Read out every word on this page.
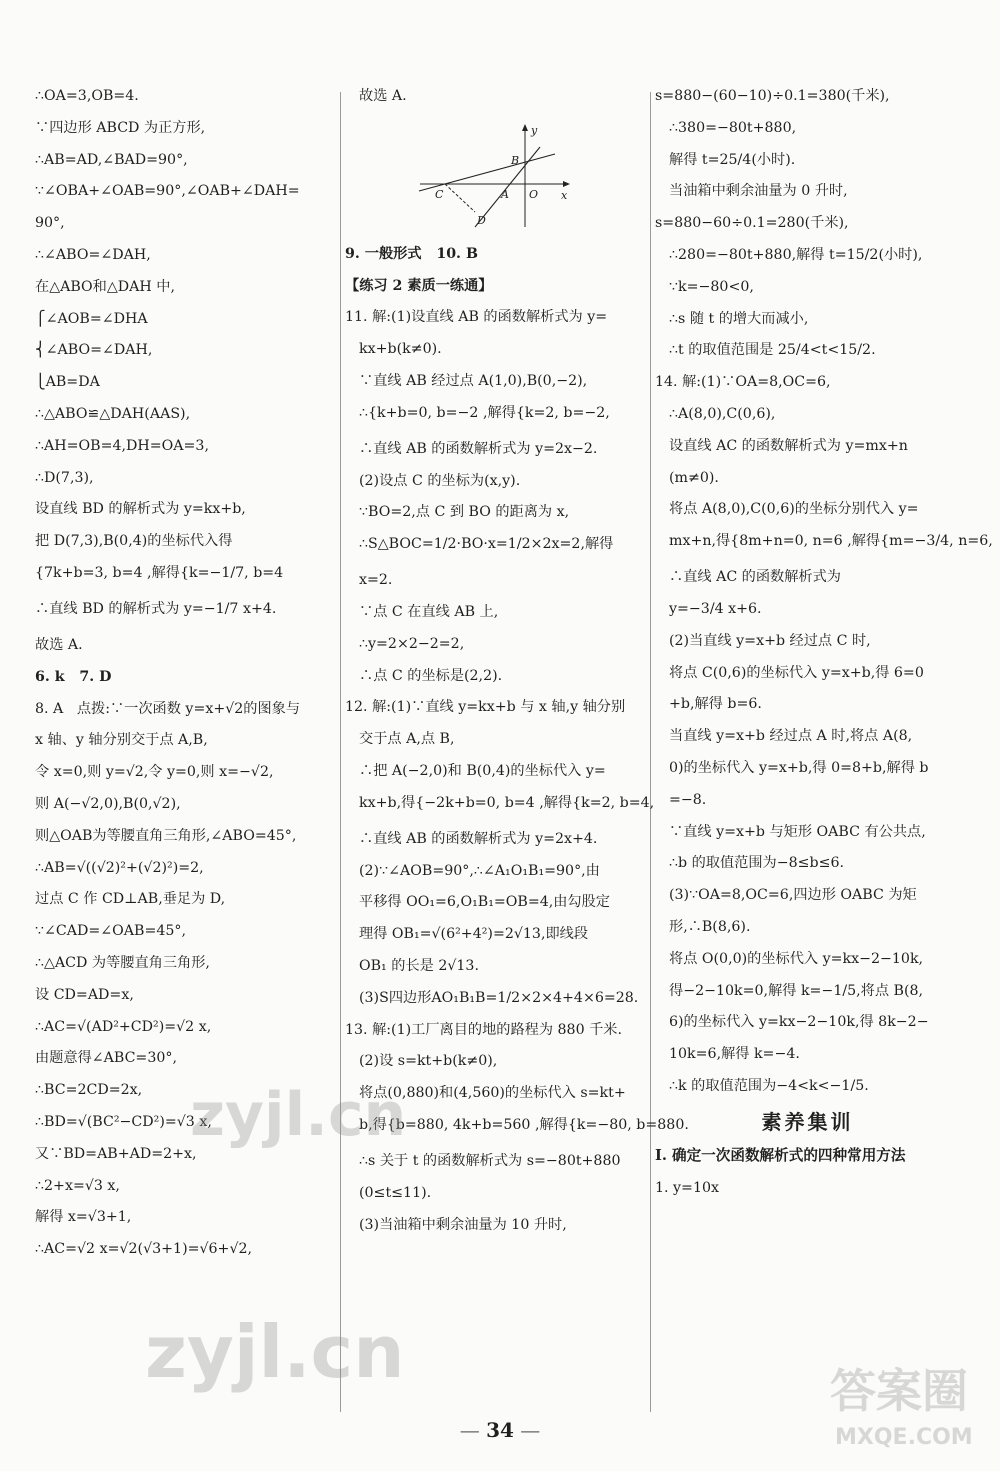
∴OA=3,OB=4.
∵四边形 ABCD 为正方形,
∴AB=AD,∠BAD=90°,
∵∠OBA+∠OAB=90°,∠OAB+∠DAH=
90°,
∴∠ABO=∠DAH,
在△ABO和△DAH 中,
⎧∠AOB=∠DHA
⎨∠ABO=∠DAH,
⎩AB=DA
∴△ABO≌△DAH(AAS),
∴AH=OB=4,DH=OA=3,
∴D(7,3),
设直线 BD 的解析式为 y=kx+b,
把 D(7,3),B(0,4)的坐标代入得
{7k+b=3, b=4 ,解得{k=−1/7, b=4
∴直线 BD 的解析式为 y=−1/7 x+4.
故选 A.
6. k   7. D
8. A   点拨:∵一次函数 y=x+√2的图象与
x 轴、y 轴分别交于点 A,B,
令 x=0,则 y=√2,令 y=0,则 x=−√2,
则 A(−√2,0),B(0,√2),
则△OAB为等腰直角三角形,∠ABO=45°,
∴AB=√((√2)²+(√2)²)=2,
过点 C 作 CD⊥AB,垂足为 D,
∵∠CAD=∠OAB=45°,
∴△ACD 为等腰直角三角形,
设 CD=AD=x,
∴AC=√(AD²+CD²)=√2 x,
由题意得∠ABC=30°,
∴BC=2CD=2x,
∴BD=√(BC²−CD²)=√3 x,
又∵BD=AB+AD=2+x,
∴2+x=√3 x,
解得 x=√3+1,
∴AC=√2 x=√2(√3+1)=√6+√2,
故选 A.
y
x
O
A
B
C
D
9. 一般形式   10. B
【练习 2 素质一练通】
11. 解:(1)设直线 AB 的函数解析式为 y=
kx+b(k≠0).
∵直线 AB 经过点 A(1,0),B(0,−2),
∴{k+b=0, b=−2 ,解得{k=2, b=−2,
∴直线 AB 的函数解析式为 y=2x−2.
(2)设点 C 的坐标为(x,y).
∵BO=2,点 C 到 BO 的距离为 x,
∴S△BOC=1/2·BO·x=1/2×2x=2,解得
x=2.
∵点 C 在直线 AB 上,
∴y=2×2−2=2,
∴点 C 的坐标是(2,2).
12. 解:(1)∵直线 y=kx+b 与 x 轴,y 轴分别
交于点 A,点 B,
∴把 A(−2,0)和 B(0,4)的坐标代入 y=
kx+b,得{−2k+b=0, b=4 ,解得{k=2, b=4,
∴直线 AB 的函数解析式为 y=2x+4.
(2)∵∠AOB=90°,∴∠A₁O₁B₁=90°,由
平移得 OO₁=6,O₁B₁=OB=4,由勾股定
理得 OB₁=√(6²+4²)=2√13,即线段
OB₁ 的长是 2√13.
(3)S四边形AO₁B₁B=1/2×2×4+4×6=28.
13. 解:(1)工厂离目的地的路程为 880 千米.
(2)设 s=kt+b(k≠0),
将点(0,880)和(4,560)的坐标代入 s=kt+
b,得{b=880, 4k+b=560 ,解得{k=−80, b=880.
∴s 关于 t 的函数解析式为 s=−80t+880
(0≤t≤11).
(3)当油箱中剩余油量为 10 升时,
s=880−(60−10)÷0.1=380(千米),
∴380=−80t+880,
解得 t=25/4(小时).
当油箱中剩余油量为 0 升时,
s=880−60÷0.1=280(千米),
∴280=−80t+880,解得 t=15/2(小时),
∵k=−80<0,
∴s 随 t 的增大而减小,
∴t 的取值范围是 25/4<t<15/2.
14. 解:(1)∵OA=8,OC=6,
∴A(8,0),C(0,6),
设直线 AC 的函数解析式为 y=mx+n
(m≠0).
将点 A(8,0),C(0,6)的坐标分别代入 y=
mx+n,得{8m+n=0, n=6 ,解得{m=−3/4, n=6,
∴直线 AC 的函数解析式为
y=−3/4 x+6.
(2)当直线 y=x+b 经过点 C 时,
将点 C(0,6)的坐标代入 y=x+b,得 6=0
+b,解得 b=6.
当直线 y=x+b 经过点 A 时,将点 A(8,
0)的坐标代入 y=x+b,得 0=8+b,解得 b
=−8.
∵直线 y=x+b 与矩形 OABC 有公共点,
∴b 的取值范围为−8≤b≤6.
(3)∵OA=8,OC=6,四边形 OABC 为矩
形,∴B(8,6).
将点 O(0,0)的坐标代入 y=kx−2−10k,
得−2−10k=0,解得 k=−1/5,将点 B(8,
6)的坐标代入 y=kx−2−10k,得 8k−2−
10k=6,解得 k=−4.
∴k 的取值范围为−4<k<−1/5.
素养集训
I. 确定一次函数解析式的四种常用方法
1. y=10x
zyjl.cn
zyjl.cn	答案圈
MXQE.COM
— 34 —
